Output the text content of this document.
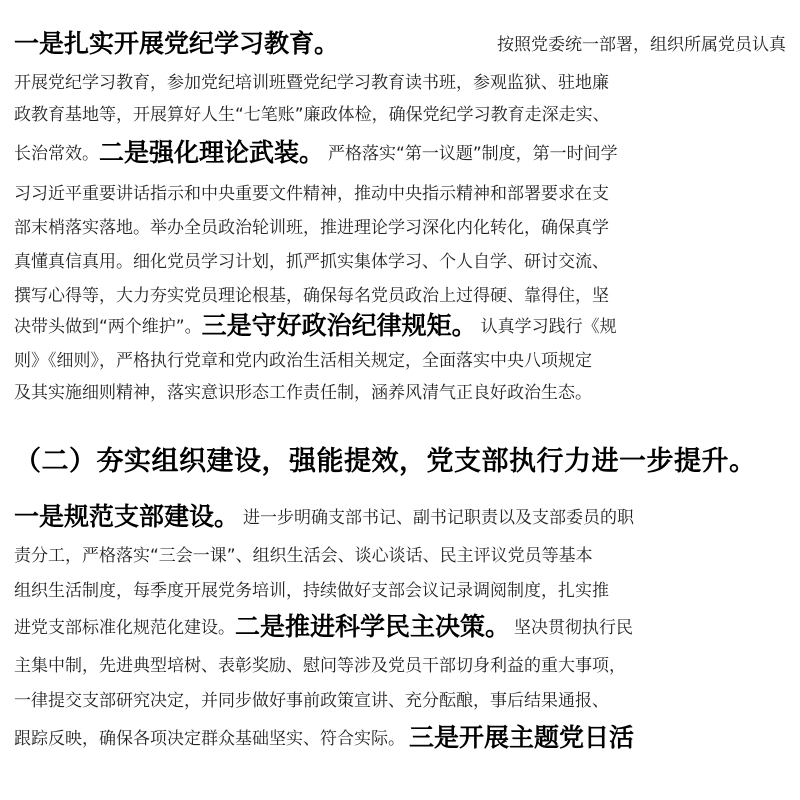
一是扎实开展党纪学习教育。	按照党委统一部署，组织所属党员认真
开展党纪学习教育，参加党纪培训班暨党纪学习教育读书班，参观监狱、驻地廉
政教育基地等，开展算好人生“七笔账”廉政体检，确保党纪学习教育走深走实、
长治常效。 二是强化理论武装。 严格落实“第一议题”制度，第一时间学
习习近平重要讲话指示和中央重要文件精神，推动中央指示精神和部署要求在支
部末梢落实落地。举办全员政治轮训班，推进理论学习深化内化转化，确保真学
真懂真信真用。细化党员学习计划，抓严抓实集体学习、个人自学、研讨交流、
撰写心得等，大力夯实党员理论根基，确保每名党员政治上过得硬、靠得住，坚
决带头做到“两个维护”。 三是守好政治纪律规矩。 认真学习践行《规
则》《细则》，严格执行党章和党内政治生活相关规定，全面落实中央八项规定
及其实施细则精神，落实意识形态工作责任制，涵养风清气正良好政治生态。
（二）夯实组织建设，强能提效，党支部执行力进一步提升。
一是规范支部建设。 进一步明确支部书记、副书记职责以及支部委员的职
责分工，严格落实“三会一课”、组织生活会、谈心谈话、民主评议党员等基本
组织生活制度，每季度开展党务培训，持续做好支部会议记录调阅制度，扎实推
进党支部标准化规范化建设。 二是推进科学民主决策。 坚决贯彻执行民
主集中制，先进典型培树、表彰奖励、慰问等涉及党员干部切身利益的重大事项，
一律提交支部研究决定，并同步做好事前政策宣讲、充分酝酿，事后结果通报、
跟踪反映，确保各项决定群众基础坚实、符合实际。 三是开展主题党日活
